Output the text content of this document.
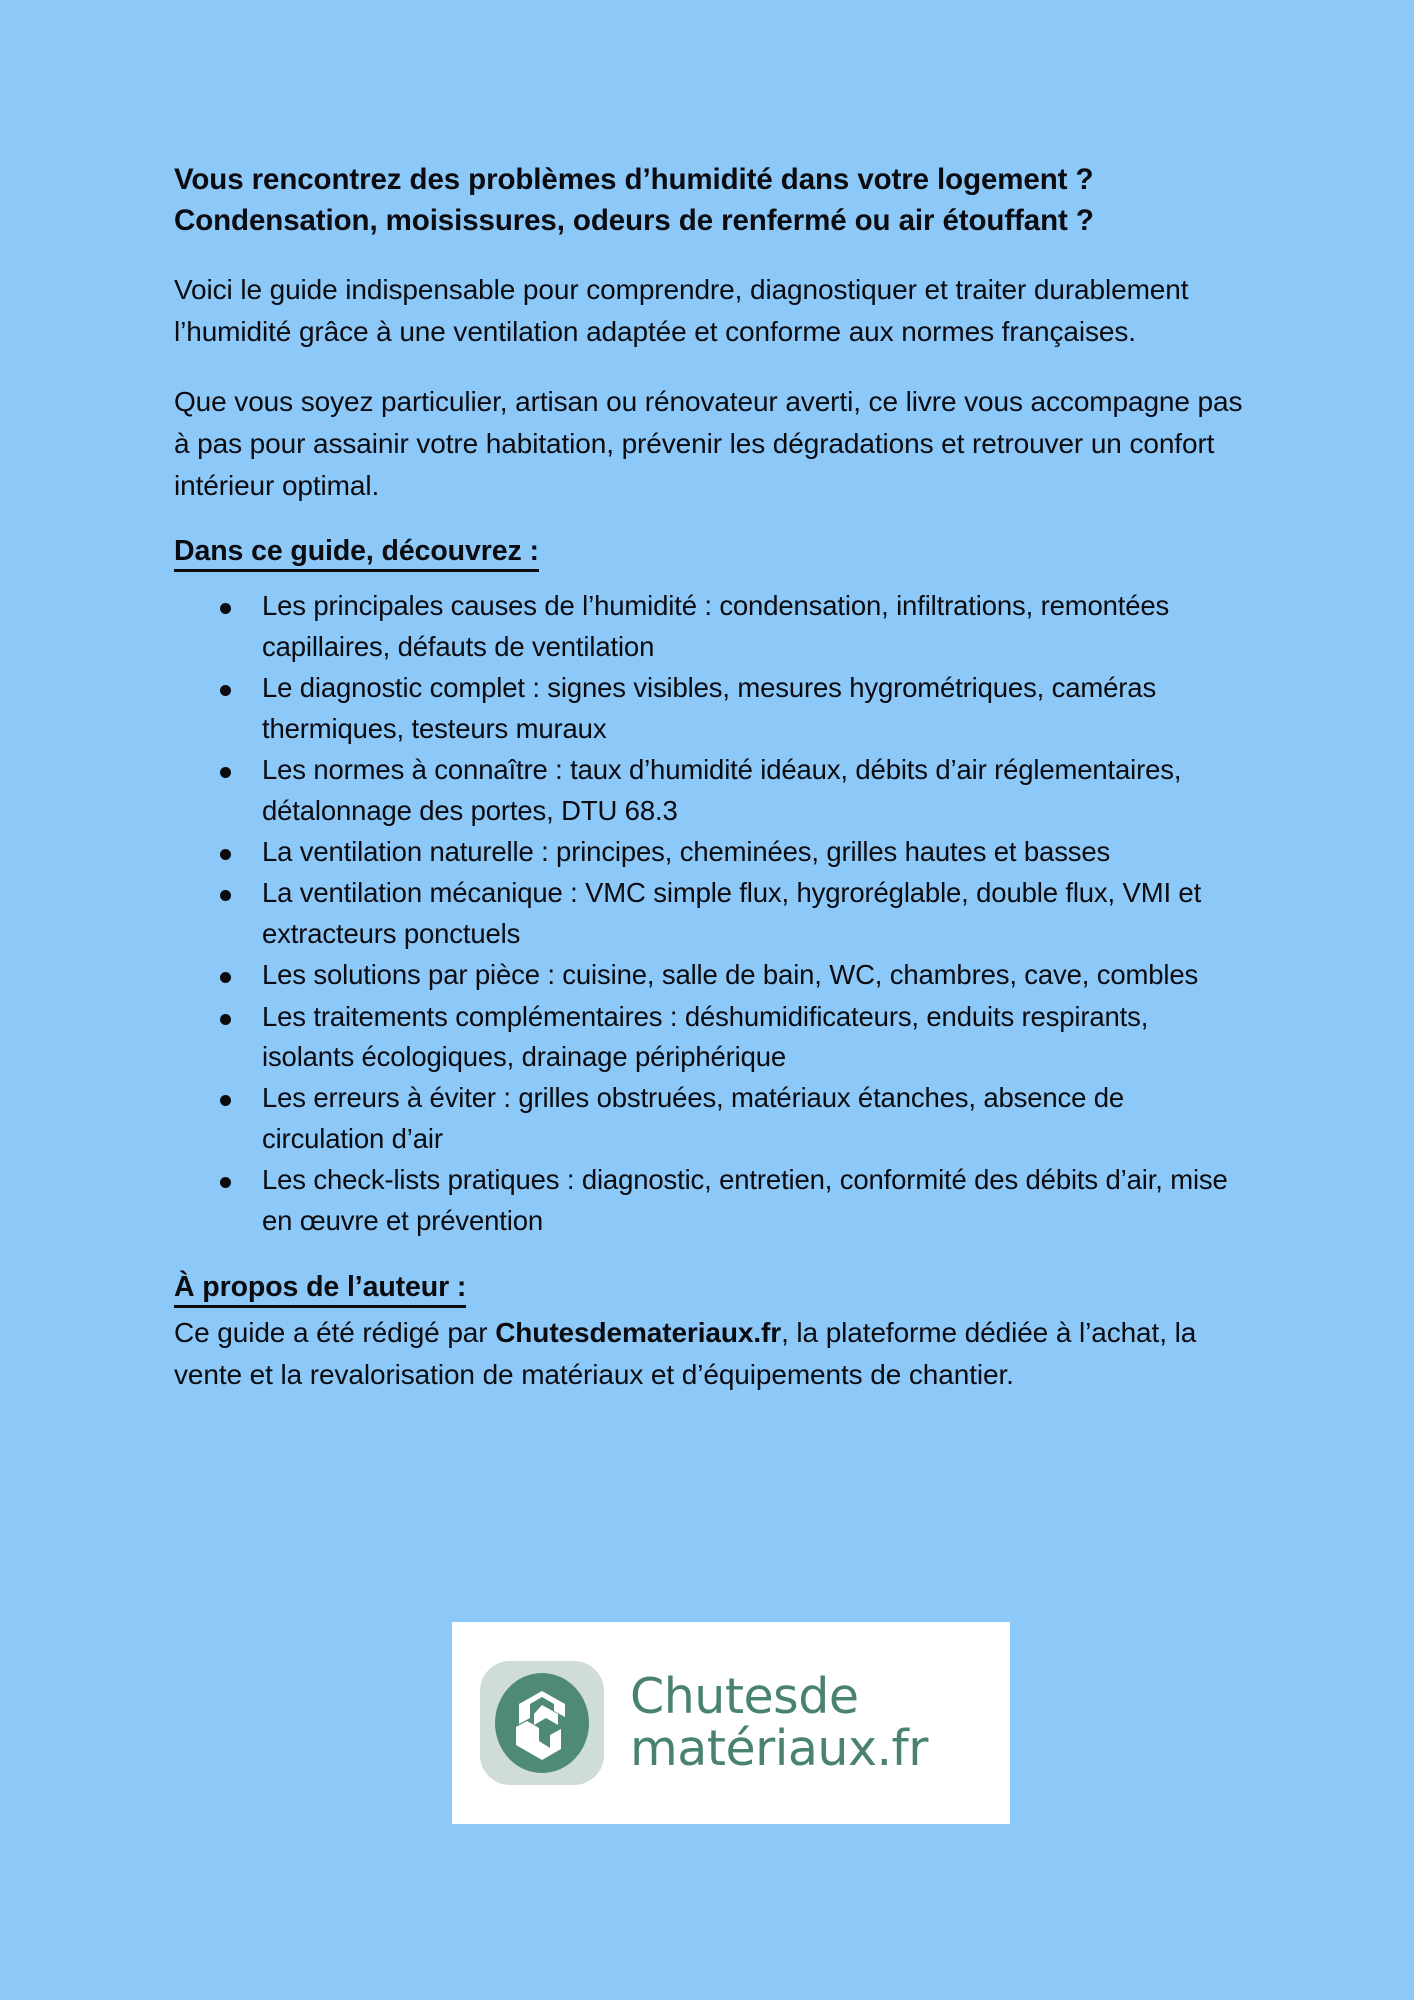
Vous rencontrez des problèmes d’humidité dans votre logement ?
Condensation, moisissures, odeurs de renfermé ou air étouffant ?

Voici le guide indispensable pour comprendre, diagnostiquer et traiter durablement l’humidité grâce à une ventilation adaptée et conforme aux normes françaises.

Que vous soyez particulier, artisan ou rénovateur averti, ce livre vous accompagne pas à pas pour assainir votre habitation, prévenir les dégradations et retrouver un confort intérieur optimal.

Dans ce guide, découvrez :
Les principales causes de l’humidité : condensation, infiltrations, remontées capillaires, défauts de ventilation
Le diagnostic complet : signes visibles, mesures hygrométriques, caméras thermiques, testeurs muraux
Les normes à connaître : taux d’humidité idéaux, débits d’air réglementaires, détalonnage des portes, DTU 68.3
La ventilation naturelle : principes, cheminées, grilles hautes et basses
La ventilation mécanique : VMC simple flux, hygroréglable, double flux, VMI et extracteurs ponctuels
Les solutions par pièce : cuisine, salle de bain, WC, chambres, cave, combles
Les traitements complémentaires : déshumidificateurs, enduits respirants, isolants écologiques, drainage périphérique
Les erreurs à éviter : grilles obstruées, matériaux étanches, absence de circulation d’air
Les check-lists pratiques : diagnostic, entretien, conformité des débits d’air, mise en œuvre et prévention
À propos de l’auteur :

Ce guide a été rédigé par Chutesdemateriaux.fr, la plateforme dédiée à l’achat, la vente et la revalorisation de matériaux et d’équipements de chantier.

Chutesde
matériaux.fr
